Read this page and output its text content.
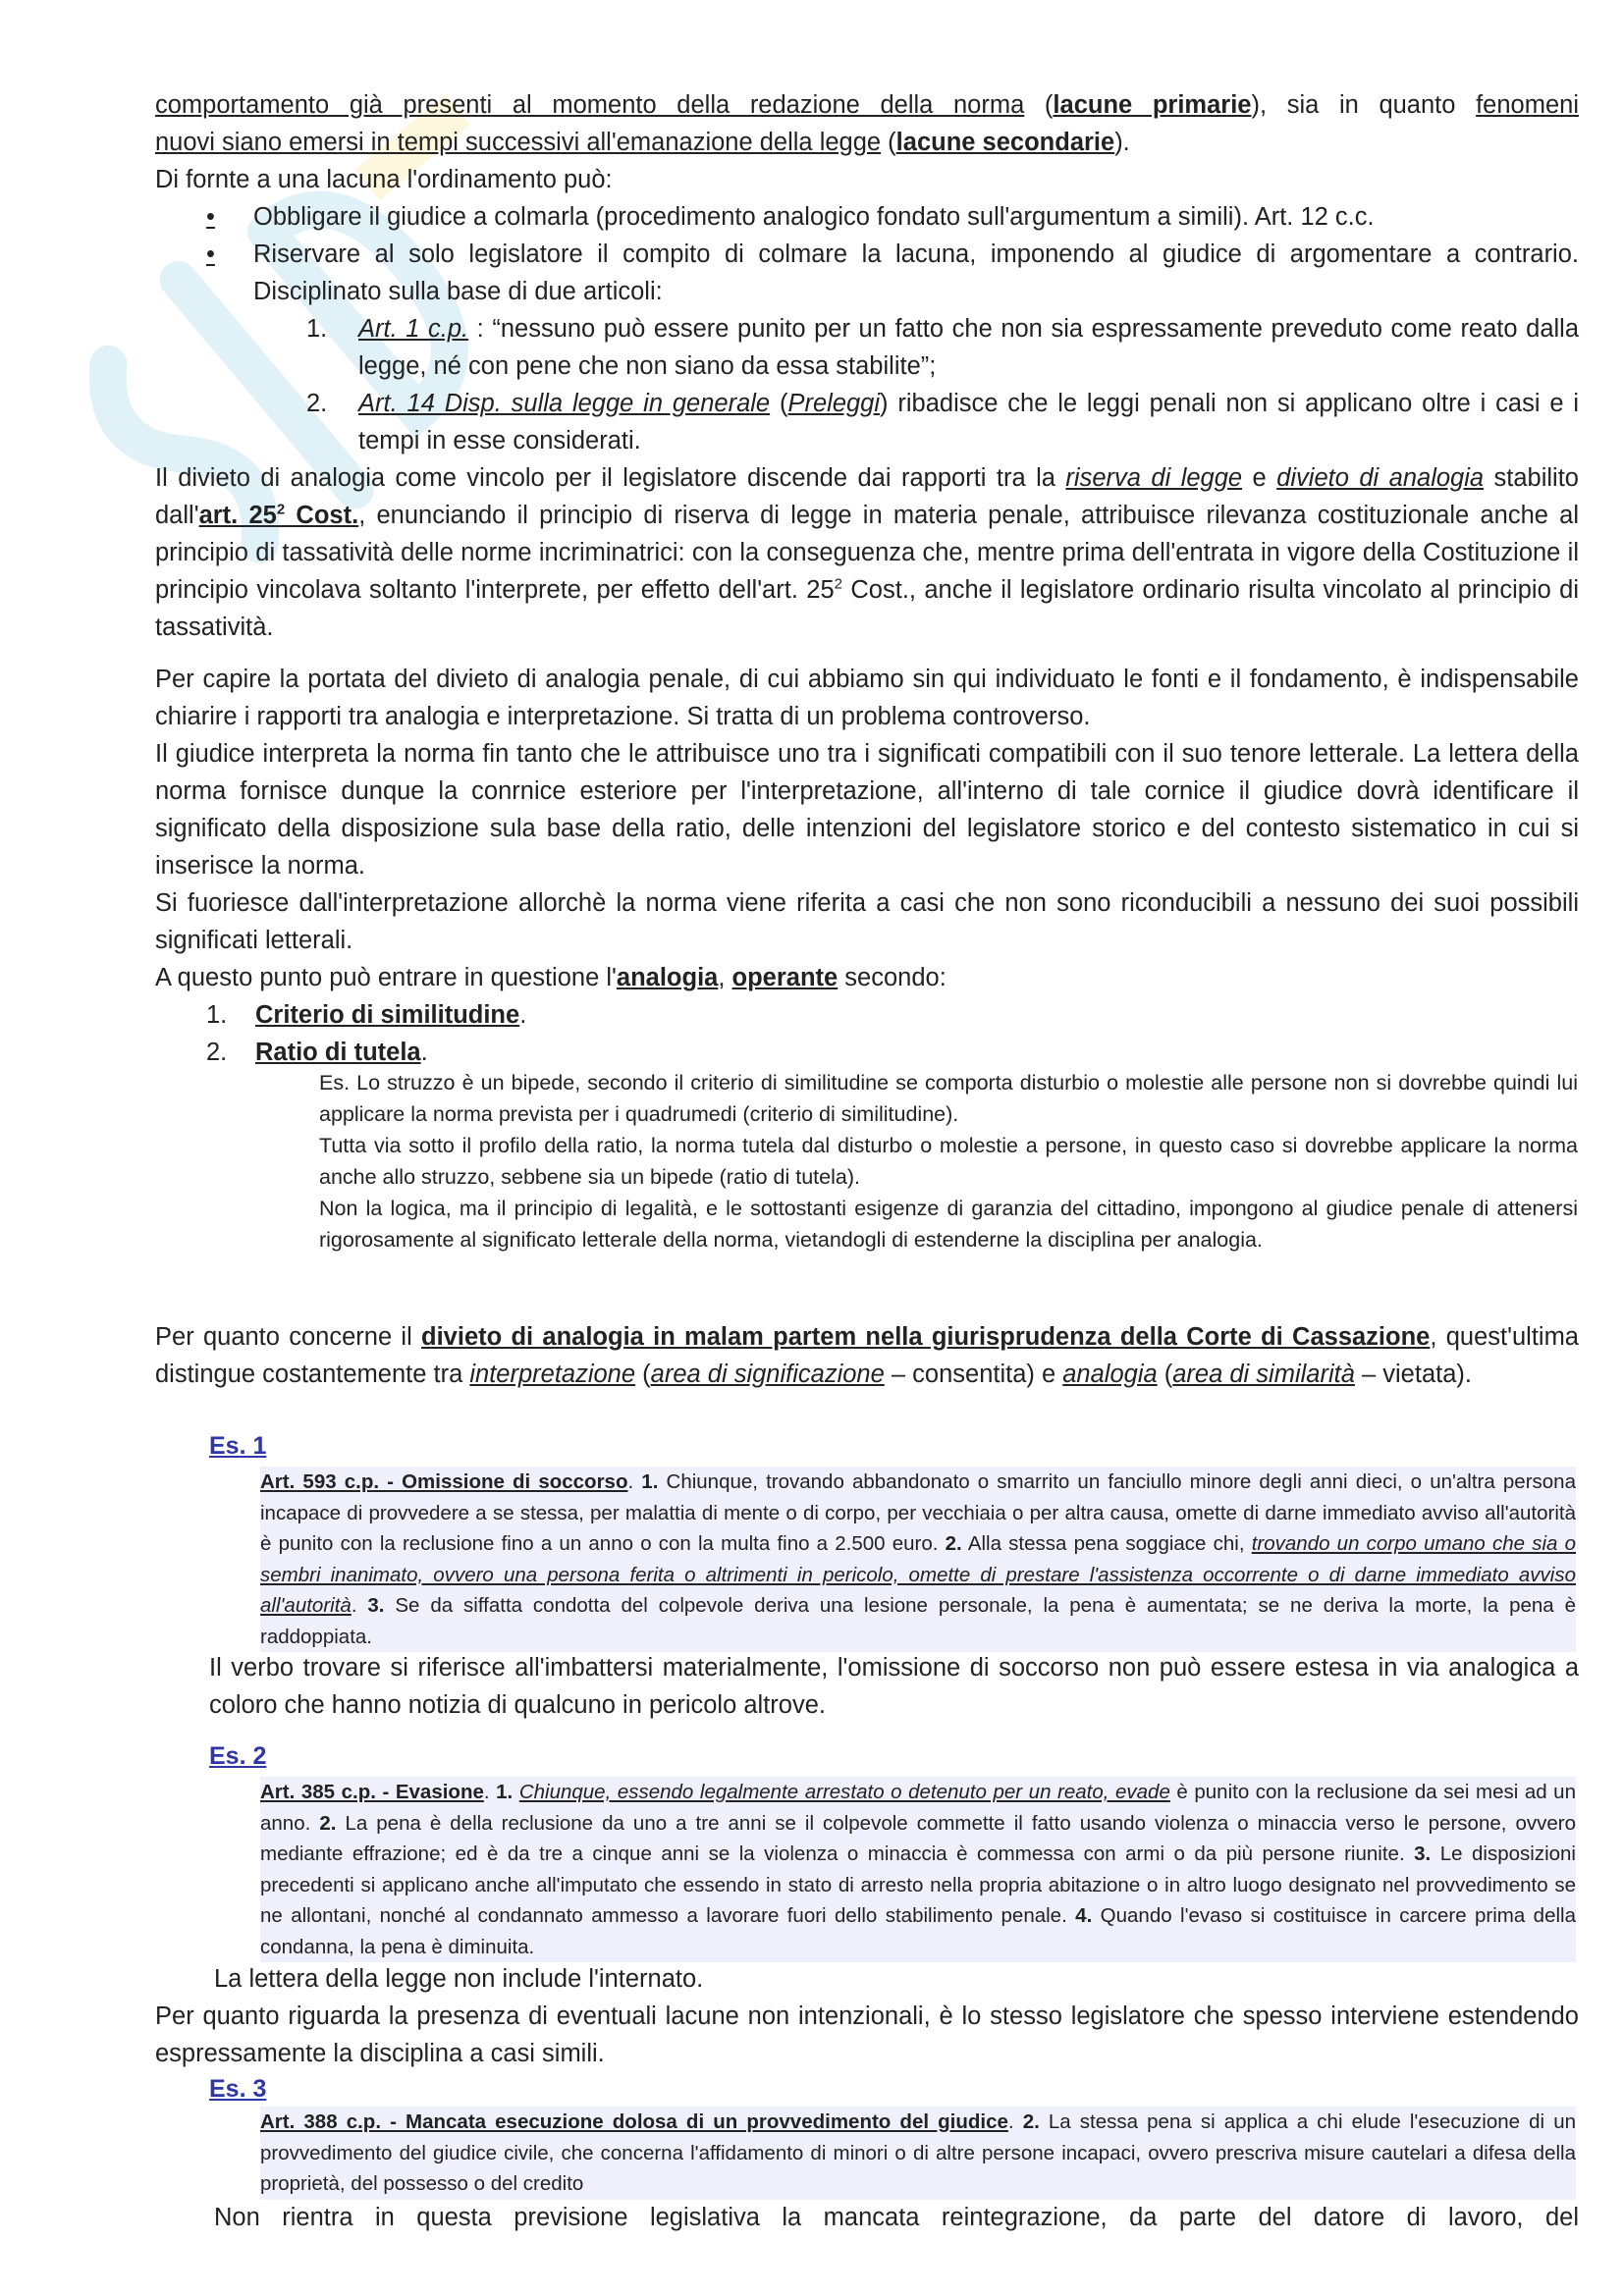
comportamento già presenti al momento della redazione della norma (lacune primarie), sia in quanto fenomeni
nuovi siano emersi in tempi successivi all'emanazione della legge (lacune secondarie).
Di fornte a una lacuna l'ordinamento può:
• Obbligare il giudice a colmarla (procedimento analogico fondato sull'argumentum a simili). Art. 12 c.c.
• Riservare al solo legislatore il compito di colmare la lacuna, imponendo al giudice di argomentare a contrario. Disciplinato sulla base di due articoli:
1. Art. 1 c.p. : “nessuno può essere punito per un fatto che non sia espressamente preveduto come reato dalla legge, né con pene che non siano da essa stabilite”;
2. Art. 14 Disp. sulla legge in generale (Preleggi) ribadisce che le leggi penali non si applicano oltre i casi e i tempi in esse considerati.
Il divieto di analogia come vincolo per il legislatore discende dai rapporti tra la riserva di legge e divieto di analogia stabilito dall'art. $25^2$ Cost., enunciando il principio di riserva di legge in materia penale, attribuisce rilevanza costituzionale anche al principio di tassatività delle norme incriminatrici: con la conseguenza che, mentre prima dell'entrata in vigore della Costituzione il principio vincolava soltanto l'interprete, per effetto dell'art. $25^2$ Cost., anche il legislatore ordinario risulta vincolato al principio di tassatività.
Per capire la portata del divieto di analogia penale, di cui abbiamo sin qui individuato le fonti e il fondamento, è indispensabile chiarire i rapporti tra analogia e interpretazione. Si tratta di un problema controverso.
Il giudice interpreta la norma fin tanto che le attribuisce uno tra i significati compatibili con il suo tenore letterale. La lettera della norma fornisce dunque la conrnice esteriore per l'interpretazione, all'interno di tale cornice il giudice dovrà identificare il significato della disposizione sula base della ratio, delle intenzioni del legislatore storico e del contesto sistematico in cui si inserisce la norma.
Si fuoriesce dall'interpretazione allorchè la norma viene riferita a casi che non sono riconducibili a nessuno dei suoi possibili significati letterali.
A questo punto può entrare in questione l'analogia, operante secondo:
1. Criterio di similitudine.
2. Ratio di tutela.
Es. Lo struzzo è un bipede, secondo il criterio di similitudine se comporta disturbio o molestie alle persone non si dovrebbe quindi lui applicare la norma prevista per i quadrumedi (criterio di similitudine).
Tutta via sotto il profilo della ratio, la norma tutela dal disturbo o molestie a persone, in questo caso si dovrebbe applicare la norma anche allo struzzo, sebbene sia un bipede (ratio di tutela).
Non la logica, ma il principio di legalità, e le sottostanti esigenze di garanzia del cittadino, impongono al giudice penale di attenersi rigorosamente al significato letterale della norma, vietandogli di estenderne la disciplina per analogia.
Per quanto concerne il divieto di analogia in malam partem nella giurisprudenza della Corte di Cassazione, quest'ultima distingue costantemente tra interpretazione (area di significazione – consentita) e analogia (area di similarità – vietata).
Es. 1
Art. 593 c.p. - Omissione di soccorso. 1. Chiunque, trovando abbandonato o smarrito un fanciullo minore degli anni dieci, o un'altra persona incapace di provvedere a se stessa, per malattia di mente o di corpo, per vecchiaia o per altra causa, omette di darne immediato avviso all'autorità è punito con la reclusione fino a un anno o con la multa fino a 2.500 euro. 2. Alla stessa pena soggiace chi, trovando un corpo umano che sia o sembri inanimato, ovvero una persona ferita o altrimenti in pericolo, omette di prestare l'assistenza occorrente o di darne immediato avviso all'autorità. 3. Se da siffatta condotta del colpevole deriva una lesione personale, la pena è aumentata; se ne deriva la morte, la pena è raddoppiata.
Il verbo trovare si riferisce all'imbattersi materialmente, l'omissione di soccorso non può essere estesa in via analogica a coloro che hanno notizia di qualcuno in pericolo altrove.
Es. 2
Art. 385 c.p. - Evasione. 1. Chiunque, essendo legalmente arrestato o detenuto per un reato, evade è punito con la reclusione da sei mesi ad un anno. 2. La pena è della reclusione da uno a tre anni se il colpevole commette il fatto usando violenza o minaccia verso le persone, ovvero mediante effrazione; ed è da tre a cinque anni se la violenza o minaccia è commessa con armi o da più persone riunite. 3. Le disposizioni precedenti si applicano anche all'imputato che essendo in stato di arresto nella propria abitazione o in altro luogo designato nel provvedimento se ne allontani, nonché al condannato ammesso a lavorare fuori dello stabilimento penale. 4. Quando l'evaso si costituisce in carcere prima della condanna, la pena è diminuita.
La lettera della legge non include l'internato.
Per quanto riguarda la presenza di eventuali lacune non intenzionali, è lo stesso legislatore che spesso interviene estendendo espressamente la disciplina a casi simili.
Es. 3
Art. 388 c.p. - Mancata esecuzione dolosa di un provvedimento del giudice. 2. La stessa pena si applica a chi elude l'esecuzione di un provvedimento del giudice civile, che concerna l'affidamento di minori o di altre persone incapaci, ovvero prescriva misure cautelari a difesa della proprietà, del possesso o del credito
Non rientra in questa previsione legislativa la mancata reintegrazione, da parte del datore di lavoro, del
